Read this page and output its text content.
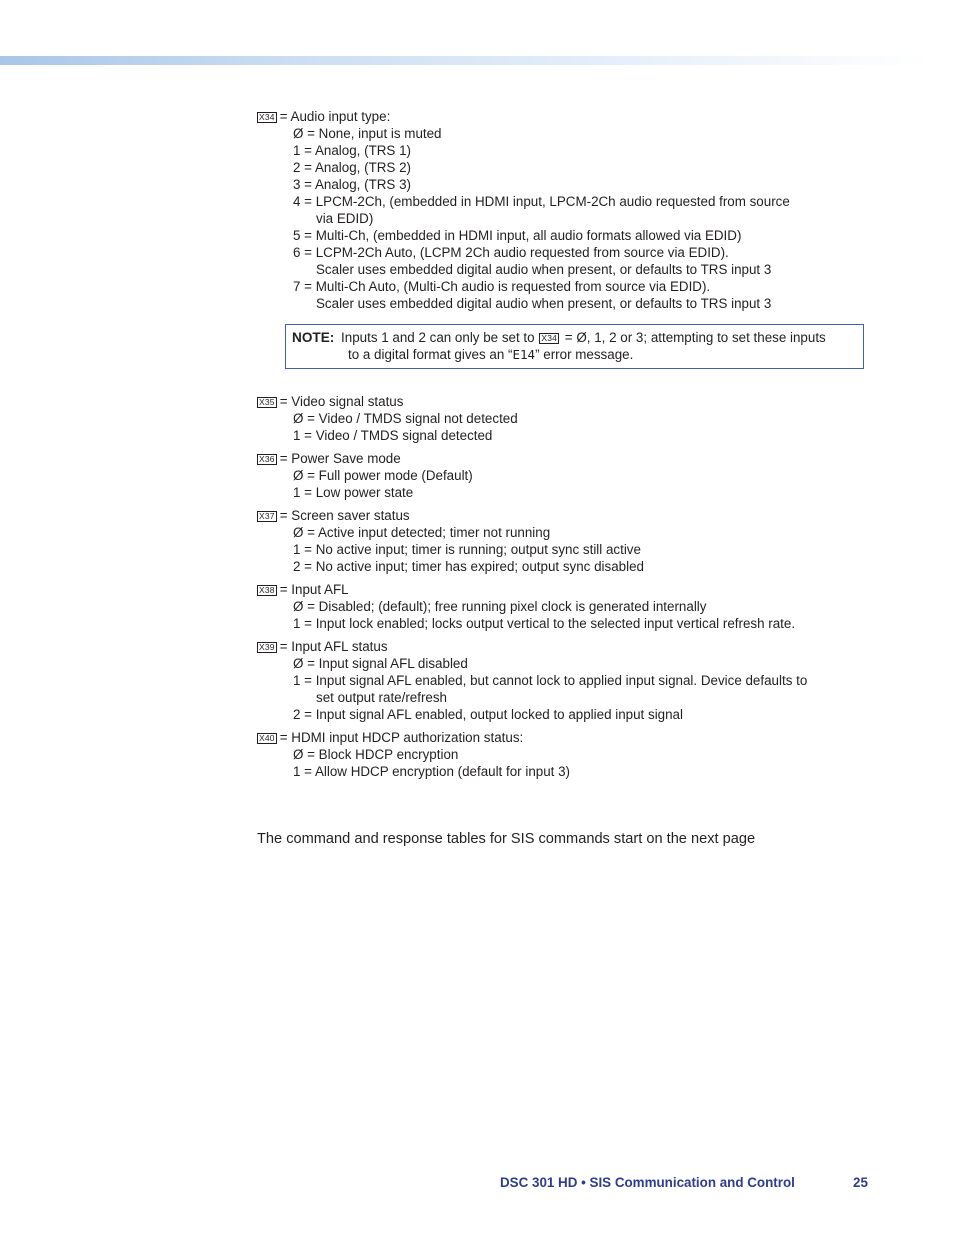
X34 = Audio input type:
Ø = None, input is muted
1 = Analog, (TRS 1)
2 = Analog, (TRS 2)
3 = Analog, (TRS 3)
4 = LPCM-2Ch, (embedded in HDMI input, LPCM-2Ch audio requested from source
via EDID)
5 = Multi-Ch, (embedded in HDMI input, all audio formats allowed via EDID)
6 = LCPM-2Ch Auto, (LCPM 2Ch audio requested from source via EDID).
Scaler uses embedded digital audio when present, or defaults to TRS input 3
7 = Multi-Ch Auto, (Multi-Ch audio is requested from source via EDID).
Scaler uses embedded digital audio when present, or defaults to TRS input 3
NOTE: Inputs 1 and 2 can only be set to X34 = Ø, 1, 2 or 3; attempting to set these inputs
to a digital format gives an “E14” error message.
X35 = Video signal status
Ø = Video / TMDS signal not detected
1 = Video / TMDS signal detected
X36 = Power Save mode
Ø = Full power mode (Default)
1 = Low power state
X37 = Screen saver status
Ø = Active input detected; timer not running
1 = No active input; timer is running; output sync still active
2 = No active input; timer has expired; output sync disabled
X38 = Input AFL
Ø = Disabled; (default); free running pixel clock is generated internally
1 = Input lock enabled; locks output vertical to the selected input vertical refresh rate.
X39 = Input AFL status
Ø = Input signal AFL disabled
1 = Input signal AFL enabled, but cannot lock to applied input signal. Device defaults to
set output rate/refresh
2 = Input signal AFL enabled, output locked to applied input signal
X40 = HDMI input HDCP authorization status:
Ø = Block HDCP encryption
1 = Allow HDCP encryption (default for input 3)
The command and response tables for SIS commands start on the next page
DSC 301 HD • SIS Communication and Control	25
